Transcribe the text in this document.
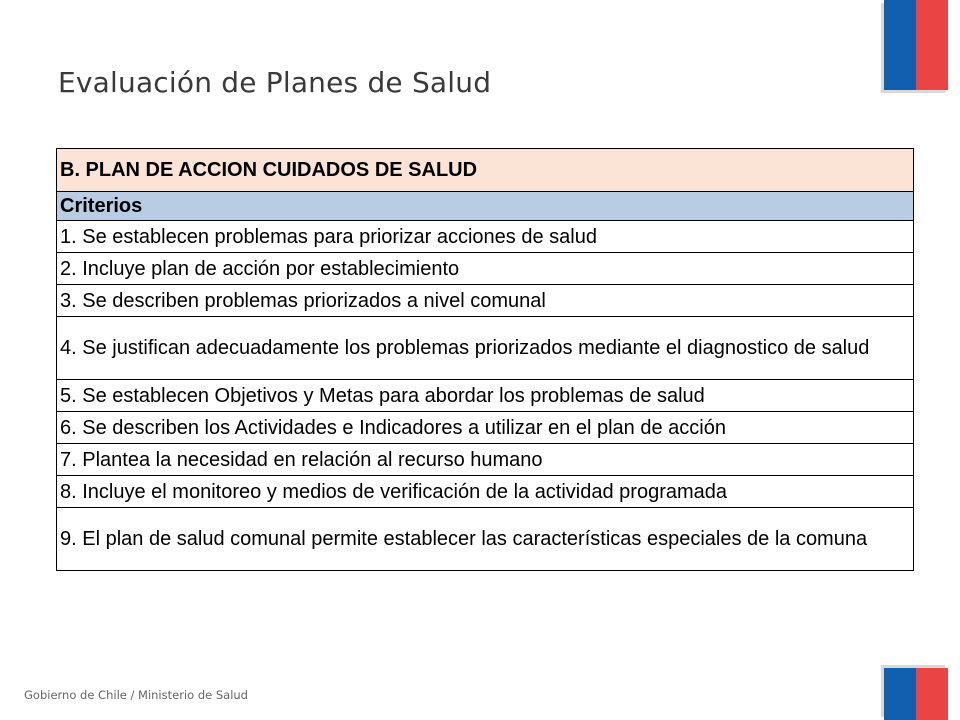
Evaluación de Planes de Salud
B. PLAN DE ACCION CUIDADOS DE SALUD
Criterios
1. Se establecen problemas para priorizar acciones de salud
2. Incluye plan de acción por establecimiento
3. Se describen problemas priorizados a nivel comunal
4. Se justifican adecuadamente los problemas priorizados mediante el diagnostico de salud
5. Se establecen Objetivos y Metas para abordar los problemas de salud
6. Se describen los Actividades e Indicadores a utilizar en el plan de acción
7. Plantea la necesidad en relación al recurso humano
8. Incluye el monitoreo y medios de verificación de la actividad programada
9. El plan de salud comunal permite establecer las características especiales de la comuna
Gobierno de Chile / Ministerio de Salud
